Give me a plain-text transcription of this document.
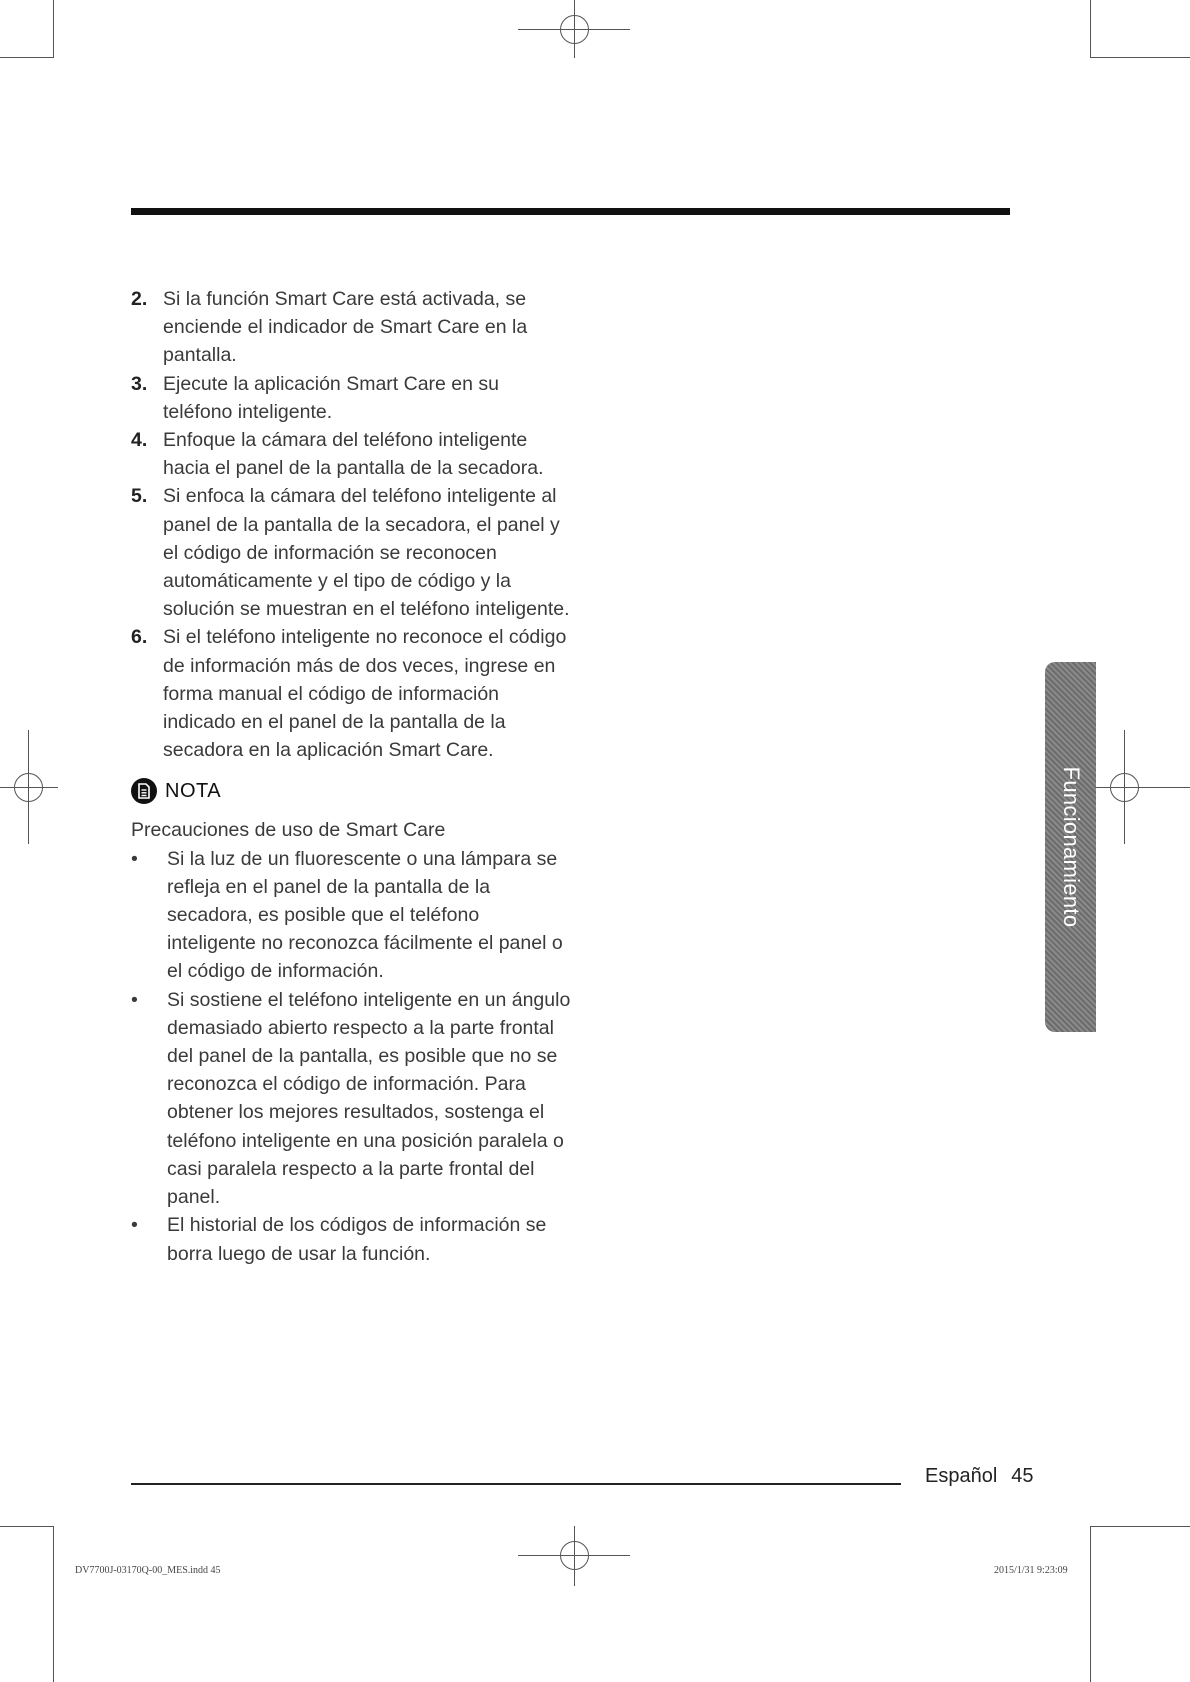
2. Si la función Smart Care está activada, se enciende el indicador de Smart Care en la pantalla.
3. Ejecute la aplicación Smart Care en su teléfono inteligente.
4. Enfoque la cámara del teléfono inteligente hacia el panel de la pantalla de la secadora.
5. Si enfoca la cámara del teléfono inteligente al panel de la pantalla de la secadora, el panel y el código de información se reconocen automáticamente y el tipo de código y la solución se muestran en el teléfono inteligente.
6. Si el teléfono inteligente no reconoce el código de información más de dos veces, ingrese en forma manual el código de información indicado en el panel de la pantalla de la secadora en la aplicación Smart Care.
NOTA
Precauciones de uso de Smart Care
•	Si la luz de un fluorescente o una lámpara se refleja en el panel de la pantalla de la secadora, es posible que el teléfono inteligente no reconozca fácilmente el panel o el código de información.
•	Si sostiene el teléfono inteligente en un ángulo demasiado abierto respecto a la parte frontal del panel de la pantalla, es posible que no se reconozca el código de información. Para obtener los mejores resultados, sostenga el teléfono inteligente en una posición paralela o casi paralela respecto a la parte frontal del panel.
•	El historial de los códigos de información se borra luego de usar la función.
Funcionamiento
Español 45
DV7700J-03170Q-00_MES.indd 45	2015/1/31 9:23:09
